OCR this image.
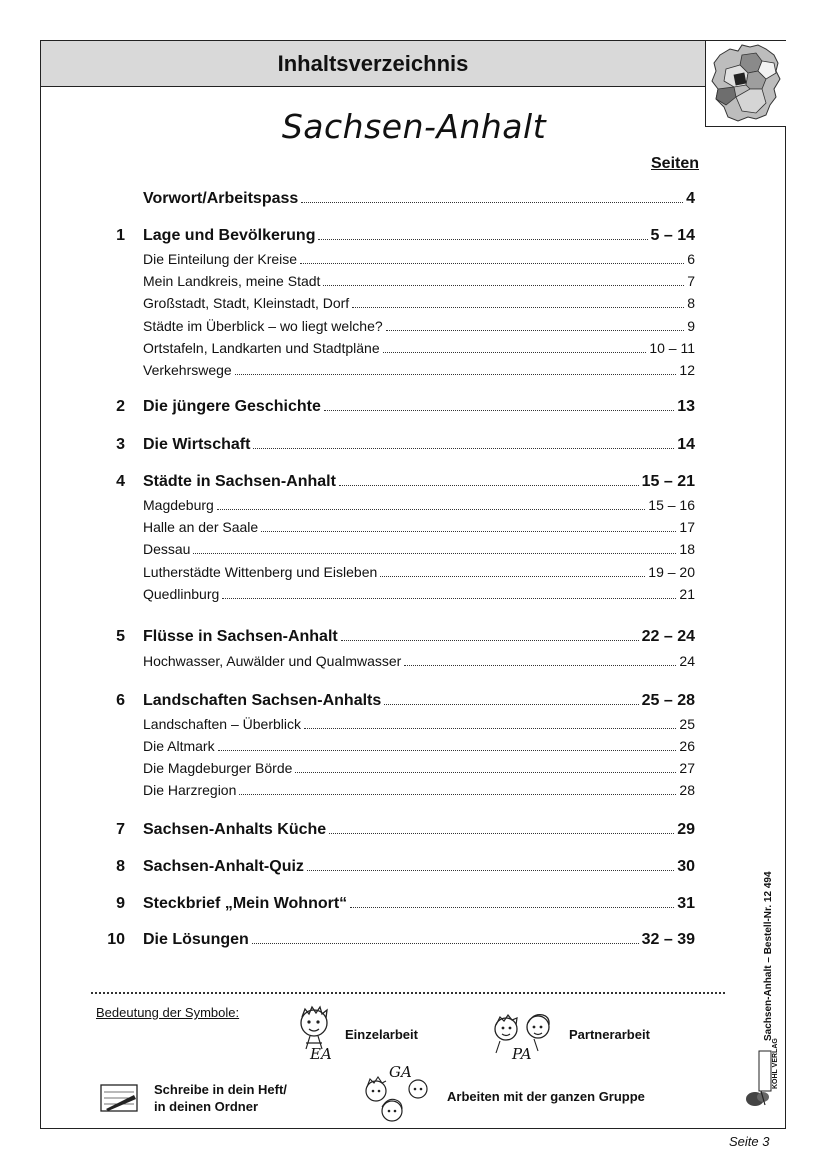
Inhaltsverzeichnis
Sachsen-Anhalt
Seiten
Vorwort/Arbeitspass	4
1 Lage und Bevölkerung	5 – 14
Die Einteilung der Kreise	6
Mein Landkreis, meine Stadt	7
Großstadt, Stadt, Kleinstadt, Dorf	8
Städte im Überblick – wo liegt welche?	9
Ortstafeln, Landkarten und Stadtpläne	10 – 11
Verkehrswege	12
2 Die jüngere Geschichte	13
3 Die Wirtschaft	14
4 Städte in Sachsen-Anhalt	15 – 21
Magdeburg	15 – 16
Halle an der Saale	17
Dessau	18
Lutherstädte Wittenberg und Eisleben	19 – 20
Quedlinburg	21
5 Flüsse in Sachsen-Anhalt	22 – 24
Hochwasser, Auwälder und Qualmwasser	24
6 Landschaften Sachsen-Anhalts	25 – 28
Landschaften – Überblick	25
Die Altmark	26
Die Magdeburger Börde	27
Die Harzregion	28
7 Sachsen-Anhalts Küche	29
8 Sachsen-Anhalt-Quiz	30
9 Steckbrief „Mein Wohnort“	31
10 Die Lösungen	32 – 39
Bedeutung der Symbole:
EA
Einzelarbeit
PA
Partnerarbeit
Schreibe in dein Heft/
in deinen Ordner
GA
Arbeiten mit der ganzen Gruppe
Sachsen-Anhalt – Bestell-Nr. 12 494
KOHL VERLAG
Seite 3
